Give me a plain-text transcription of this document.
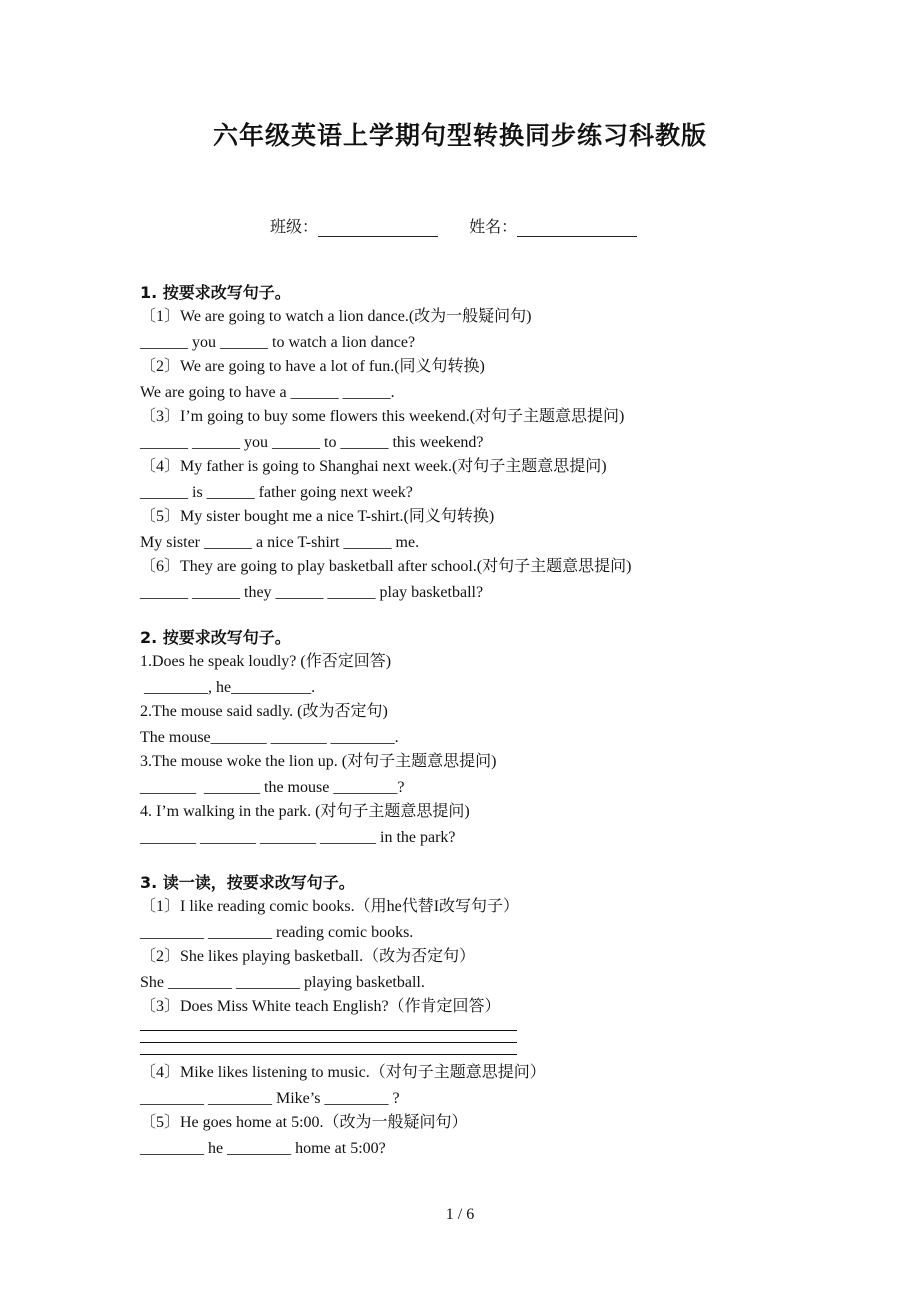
六年级英语上学期句型转换同步练习科教版
班级：	姓名：
1. 按要求改写句子。
〔1〕We are going to watch a lion dance.(改为一般疑问句)
______ you ______ to watch a lion dance?
〔2〕We are going to have a lot of fun.(同义句转换)
We are going to have a ______ ______.
〔3〕I’m going to buy some flowers this weekend.(对句子主题意思提问)
______ ______ you ______ to ______ this weekend?
〔4〕My father is going to Shanghai next week.(对句子主题意思提问)
______ is ______ father going next week?
〔5〕My sister bought me a nice T-shirt.(同义句转换)
My sister ______ a nice T-shirt ______ me.
〔6〕They are going to play basketball after school.(对句子主题意思提问)
______ ______ they ______ ______ play basketball?
2. 按要求改写句子。
1.Does he speak loudly? (作否定回答)
________, he__________.
2.The mouse said sadly. (改为否定句)
The mouse_______ _______ ________.
3.The mouse woke the lion up. (对句子主题意思提问)
_______  _______ the mouse ________?
4. I’m walking in the park. (对句子主题意思提问)
_______ _______ _______ _______ in the park?
3. 读一读，按要求改写句子。
〔1〕I like reading comic books.（用he代替I改写句子）
________ ________ reading comic books.
〔2〕She likes playing basketball.（改为否定句）
She ________ ________ playing basketball.
〔3〕Does Miss White teach English?（作肯定回答）
〔4〕Mike likes listening to music.（对句子主题意思提问）
________ ________ Mike’s ________ ?
〔5〕He goes home at 5:00.（改为一般疑问句）
________ he ________ home at 5:00?
1 / 6
